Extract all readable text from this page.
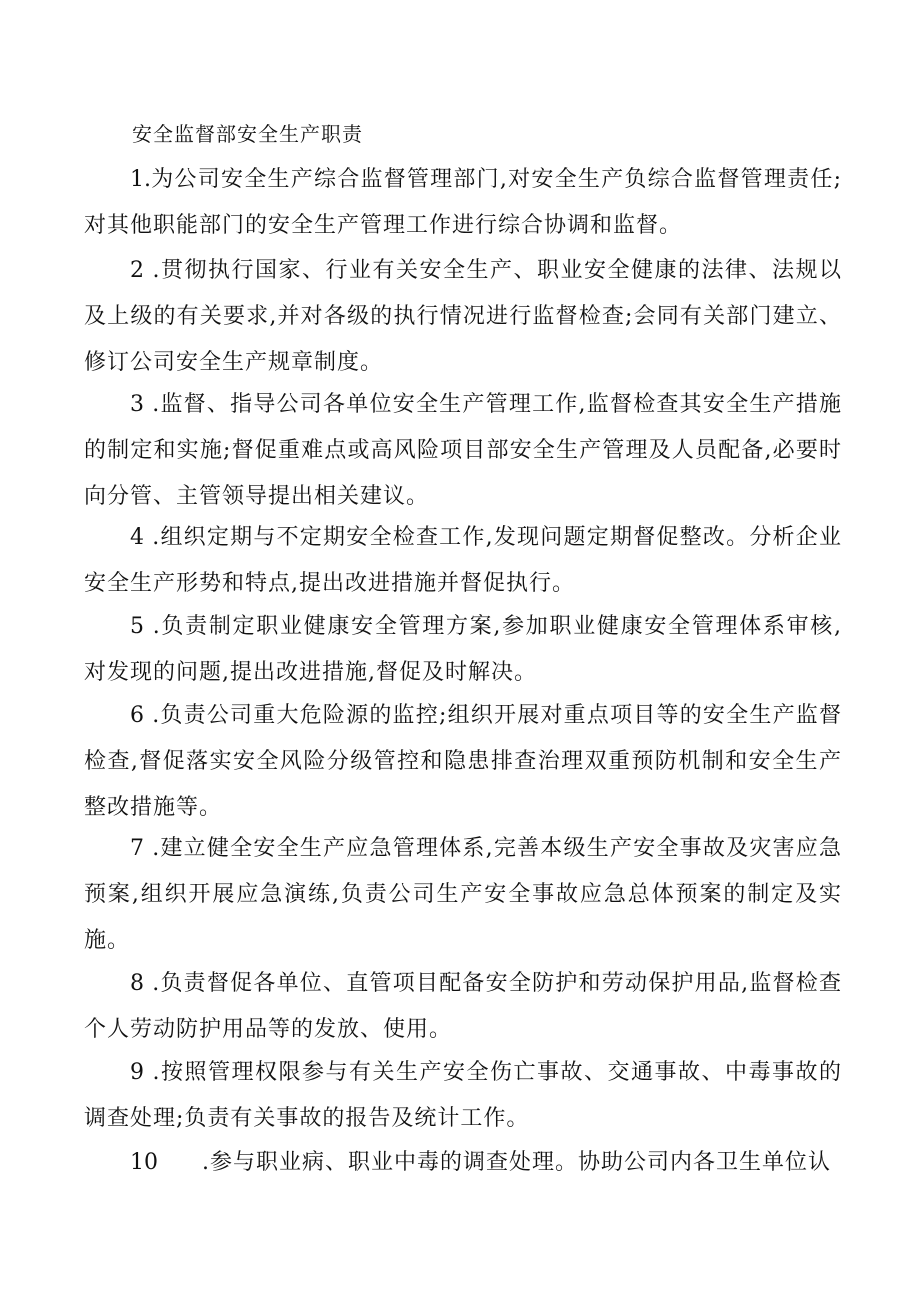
安全监督部安全生产职责

1.为公司安全生产综合监督管理部门,对安全生产负综合监督管理责任;对其他职能部门的安全生产管理工作进行综合协调和监督。

2 .贯彻执行国家、行业有关安全生产、职业安全健康的法律、法规以及上级的有关要求,并对各级的执行情况进行监督检查;会同有关部门建立、修订公司安全生产规章制度。

3 .监督、指导公司各单位安全生产管理工作,监督检查其安全生产措施的制定和实施;督促重难点或高风险项目部安全生产管理及人员配备,必要时向分管、主管领导提出相关建议。

4 .组织定期与不定期安全检查工作,发现问题定期督促整改。分析企业安全生产形势和特点,提出改进措施并督促执行。

5 .负责制定职业健康安全管理方案,参加职业健康安全管理体系审核,对发现的问题,提出改进措施,督促及时解决。

6 .负责公司重大危险源的监控;组织开展对重点项目等的安全生产监督检查,督促落实安全风险分级管控和隐患排查治理双重预防机制和安全生产整改措施等。

7 .建立健全安全生产应急管理体系,完善本级生产安全事故及灾害应急预案,组织开展应急演练,负责公司生产安全事故应急总体预案的制定及实施。

8 .负责督促各单位、直管项目配备安全防护和劳动保护用品,监督检查个人劳动防护用品等的发放、使用。

9 .按照管理权限参与有关生产安全伤亡事故、交通事故、中毒事故的调查处理;负责有关事故的报告及统计工作。

10 .参与职业病、职业中毒的调查处理。协助公司内各卫生单位认
